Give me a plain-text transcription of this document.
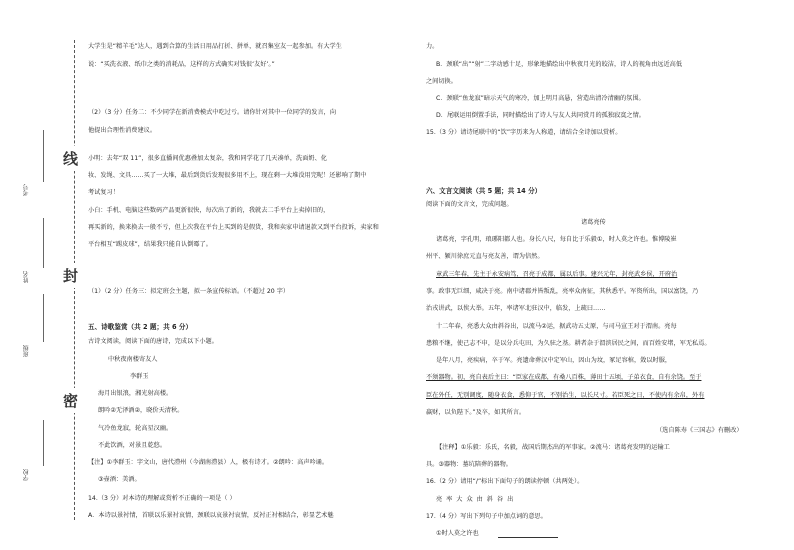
线
封
密
考号
姓名
班级
学校
大学生是“精羊毛”达人，遇到合算的生活日用品打折、拼单，就召集室友一起参加。有大学生
说：“买洗衣液、纸巾之类的消耗品，这样的方式确实对钱很‘友好’。”
（2）（3 分）任务二：不少同学在新消费模式中吃过亏。请你针对其中一位同学的发言，向
他提出合理性消费建议。
小明：去年“双 11”，很多直播间优惠叠加太复杂，我和同学花了几天凑单，洗面奶、化
妆、发绳、文具……买了一大堆，最后到货后发现很多用不上，现在剩一大堆没用完呢！还影响了期中
考试复习！
小白：手机、电脑这些数码产品更新很快，每次出了新的，我就去二手平台上卖掉旧的，
再买新的，换来换去一般不亏，但上次我在平台上买到的是假货，我和卖家申请退款又到平台投诉，卖家和
平台相互“踢皮球”，结果我只能自认倒霉了。
（1）（2 分）任务三：拟定班会主题，拟一条宣传标语。（不超过 20 字）
五、诗歌鉴赏（共 2 题；共 6 分）
古诗文阅读，阅读下面的唐诗，完成以下小题。
中秋夜南楼寄友人
李群玉
海月出银浪，湘光射高楼。
朗吟②无泽酒②，晓价天清秋。
气冷鱼龙寂，轮高星汉幽。
不此饮酒，对景且乾悠。
【注】①李群玉：字文山，唐代澧州（今湖南澧县）人，极有诗才。②朗吟：高声吟诵。
③壶酒：美酒。
14.（3 分）对本诗的理解或赏析不正确的一项是（ ）
A．本诗以景衬情，首联以乐景衬哀情，颈联以哀景衬哀情，反衬正衬相结合，彰显艺术魅
力。
B．颈联“出”“射”二字动感十足，形象地描绘出中秋夜月光的皎洁，诗人的视角由远近高低
之间切换。
C．颈联“鱼龙寂”暗示天气的寒冷，加上明月高悬，营造出清冷清幽的氛围。
D．尾联运用倒置手法，同时描绘出了诗人与友人共同赏月的孤独寂寞之情。
15.（3 分）请诗尾联中的“饮”字历来为人称道，请结合全诗加以赏析。
六、文言文阅读（共 5 题；共 14 分）
阅读下面的文言文，完成问题。
诸葛亮传
诸葛亮，字孔明，琅琊阳都人也。身长八尺，每自比于乐毅①，时人莫之许也。惟博陵崔
州平、颍川徐庶元直与亮友善，谓为信然。
章武三年春，先主于永安病笃，召亮于成都，属以后事。建兴元年，封亮武乡侯，开府治
事。政事无巨细，咸决于亮。南中诸郡并皆叛乱，亮率众南征，其秋悉平。军资所出，国以富饶，乃
治戎讲武，以俟大举。五年，率诸军北驻汉中，临发，上疏曰……
十二年春，亮悉大众由斜谷出，以流马②运，据武功五丈原，与司马宣王对于渭南。亮每
患粮不继，使己志不申，是以分兵屯田，为久驻之基。耕者杂于渭滨居民之间，而百姓安堵，军无私焉。
是年八月，亮疾病，卒于军。亮遗命葬汉中定军山，因山为坟，冢足容棺，敛以时服，
不须器物。初，亮自表后主曰：“臣家在成都，有桑八百株，薄田十五顷，子弟衣食，自有余饶。至于
臣在外任，无别调度，随身衣食，悉仰于官，不别治生，以长尺寸。若臣死之日，不使内有余帛，外有
赢财，以负陛下。”及卒，如其所言。
（选自陈寿《三国志》有删改）
【注释】①乐毅：乐氏，名毅，战国后期杰出的军事家。②流马：诸葛亮发明的运输工
具。③器物：墓坑陪葬的器物。
16.（2 分）请用“/”标出下面句子的朗读停顿（共两处）。
亮 率 大 众 由 斜 谷 出
17.（4 分）写出下列句子中加点词的意思。
①时人莫之许也
